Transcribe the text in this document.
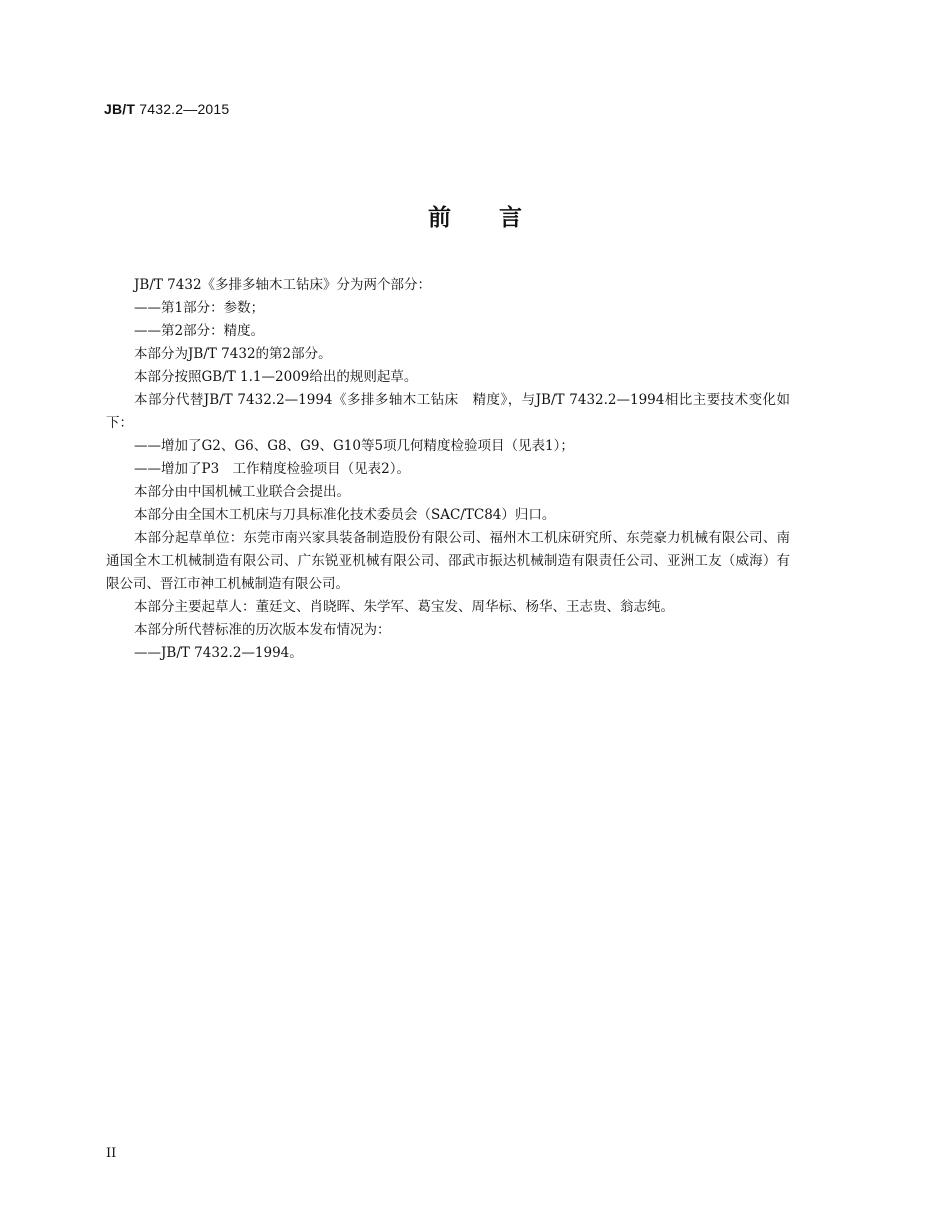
JB/T 7432.2—2015
前 言

JB/T 7432《多排多轴木工钻床》分为两个部分：

——第1部分：参数；

——第2部分：精度。

本部分为JB/T 7432的第2部分。

本部分按照GB/T 1.1—2009给出的规则起草。

本部分代替JB/T 7432.2—1994《多排多轴木工钻床　精度》，与JB/T 7432.2—1994相比主要技术变化如下：

——增加了G2、G6、G8、G9、G10等5项几何精度检验项目（见表1）；

——增加了P3　工作精度检验项目（见表2）。

本部分由中国机械工业联合会提出。

本部分由全国木工机床与刀具标准化技术委员会（SAC/TC84）归口。

本部分起草单位：东莞市南兴家具装备制造股份有限公司、福州木工机床研究所、东莞豪力机械有限公司、南通国全木工机械制造有限公司、广东锐亚机械有限公司、邵武市振达机械制造有限责任公司、亚洲工友（威海）有限公司、晋江市神工机械制造有限公司。

本部分主要起草人：董廷文、肖晓晖、朱学军、葛宝发、周华标、杨华、王志贵、翁志纯。

本部分所代替标准的历次版本发布情况为：

——JB/T 7432.2—1994。

II
